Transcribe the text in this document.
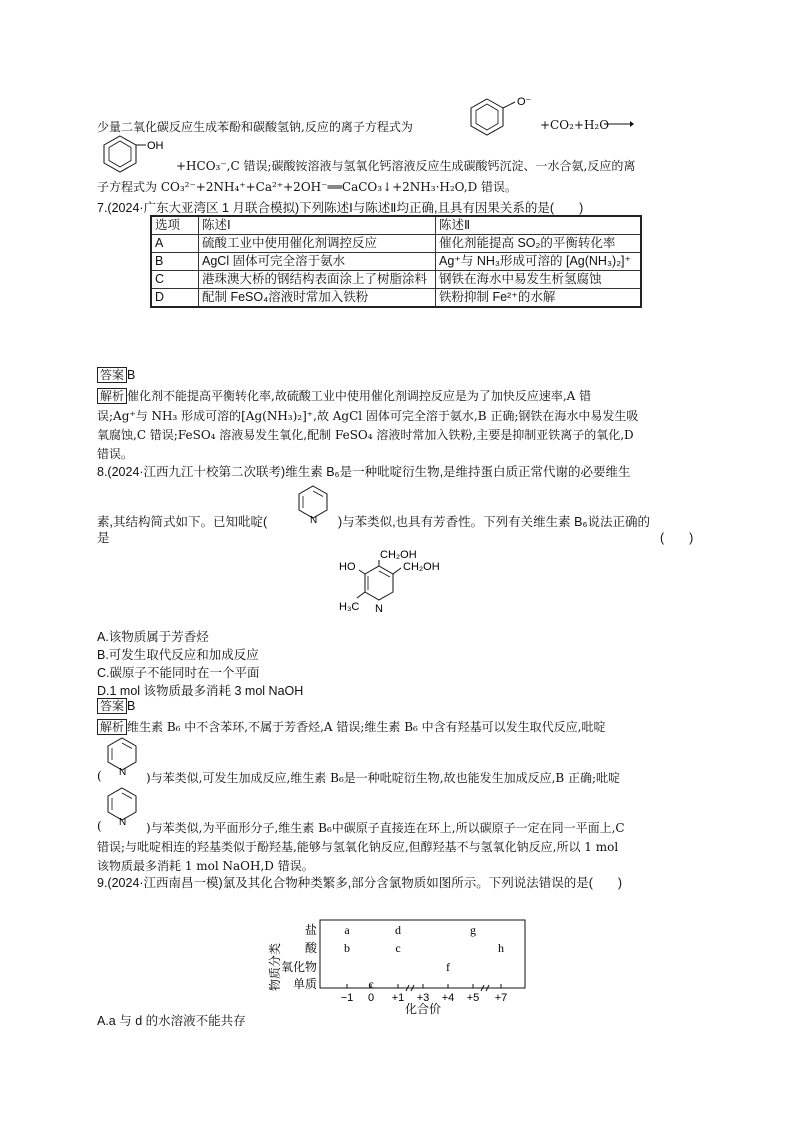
少量二氧化碳反应生成苯酚和碳酸氢钠,反应的离子方程式为
O⁻
+CO₂+H₂O
OH
+HCO₃⁻,C 错误;碳酸铵溶液与氢氧化钙溶液反应生成碳酸钙沉淀、一水合氨,反应的离
子方程式为 CO₃²⁻+2NH₄⁺+Ca²⁺+2OH⁻══CaCO₃↓+2NH₃·H₂O,D 错误。
7.(2024·广东大亚湾区 1 月联合模拟)下列陈述Ⅰ与陈述Ⅱ均正确,且具有因果关系的是(　　)
选项	陈述Ⅰ	陈述Ⅱ
A	硫酸工业中使用催化剂调控反应	催化剂能提高 SO₂的平衡转化率
B	AgCl 固体可完全溶于氨水	Ag⁺与 NH₃形成可溶的 [Ag(NH₃)₂]⁺
C	港珠澳大桥的钢结构表面涂上了树脂涂料	钢铁在海水中易发生析氢腐蚀
D	配制 FeSO₄溶液时常加入铁粉	铁粉抑制 Fe²⁺的水解
答案 B
解析 催化剂不能提高平衡转化率,故硫酸工业中使用催化剂调控反应是为了加快反应速率,A 错
误;Ag⁺与 NH₃ 形成可溶的[Ag(NH₃)₂]⁺,故 AgCl 固体可完全溶于氨水,B 正确;钢铁在海水中易发生吸
氧腐蚀,C 错误;FeSO₄ 溶液易发生氧化,配制 FeSO₄ 溶液时常加入铁粉,主要是抑制亚铁离子的氧化,D
错误。
8.(2024·江西九江十校第二次联考)维生素 B₆是一种吡啶衍生物,是维持蛋白质正常代谢的必要维生
素,其结构简式如下。已知吡啶(	N )与苯类似,也具有芳香性。下列有关维生素 B₆说法正确的
是	(　　)
CH₂OH
HO	CH₂OH
H₃C N
A.该物质属于芳香烃
B.可发生取代反应和加成反应
C.碳原子不能同时在一个平面
D.1 mol 该物质最多消耗 3 mol NaOH
答案 B
解析 维生素 B₆ 中不含苯环,不属于芳香烃,A 错误;维生素 B₆ 中含有羟基可以发生取代反应,吡啶
N
(	)与苯类似,可发生加成反应,维生素 B₆是一种吡啶衍生物,故也能发生加成反应,B 正确;吡啶
N
(	)与苯类似,为平面形分子,维生素 B₆中碳原子直接连在环上,所以碳原子一定在同一平面上,C
错误;与吡啶相连的羟基类似于酚羟基,能够与氢氧化钠反应,但醇羟基不与氢氧化钠反应,所以 1 mol
该物质最多消耗 1 mol NaOH,D 错误。
9.(2024·江西南昌一模)氯及其化合物种类繁多,部分含氯物质如图所示。下列说法错误的是(　　)
物质分类 单质
氧化物
酸
盐
−1 0 +1 +3 +4 +5 +7
a
b
c
d
c
f
g
h
化合价
A.a 与 d 的水溶液不能共存
